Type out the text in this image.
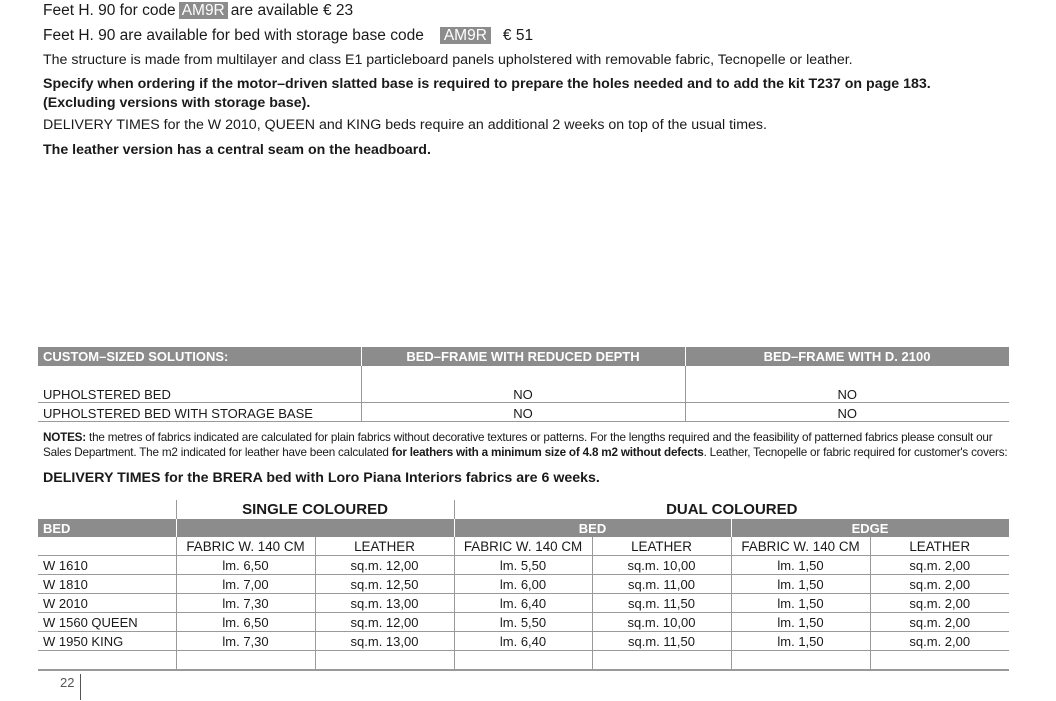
Feet H. 90 for code AM9R are available € 23
Feet H. 90 are available for bed with storage base code AM9R € 51
The structure is made from multilayer and class E1 particleboard panels upholstered with removable fabric, Tecnopelle or leather.
Specify when ordering if the motor–driven slatted base is required to prepare the holes needed and to add the kit T237 on page 183.
(Excluding versions with storage base).
DELIVERY TIMES for the W 2010, QUEEN and KING beds require an additional 2 weeks on top of the usual times.
The leather version has a central seam on the headboard.
CUSTOM–SIZED SOLUTIONS:	BED–FRAME WITH REDUCED DEPTH	BED–FRAME WITH D. 2100

UPHOLSTERED BED	NO	NO
UPHOLSTERED BED WITH STORAGE BASE	NO	NO
NOTES: the metres of fabrics indicated are calculated for plain fabrics without decorative textures or patterns. For the lengths required and the feasibility of patterned fabrics please consult our Sales Department. The m2 indicated for leather have been calculated for leathers with a minimum size of 4.8 m2 without defects. Leather, Tecnopelle or fabric required for customer's covers:
DELIVERY TIMES for the BRERA bed with Loro Piana Interiors fabrics are 6 weeks.
	SINGLE COLOURED		DUAL COLOURED			
BED			BED		EDGE	
	FABRIC W. 140 CM	LEATHER	FABRIC W. 140 CM	LEATHER	FABRIC W. 140 CM	LEATHER
W 1610	lm. 6,50	sq.m. 12,00	lm. 5,50	sq.m. 10,00	lm. 1,50	sq.m. 2,00
W 1810	lm. 7,00	sq.m. 12,50	lm. 6,00	sq.m. 11,00	lm. 1,50	sq.m. 2,00
W 2010	lm. 7,30	sq.m. 13,00	lm. 6,40	sq.m. 11,50	lm. 1,50	sq.m. 2,00
W 1560 QUEEN	lm. 6,50	sq.m. 12,00	lm. 5,50	sq.m. 10,00	lm. 1,50	sq.m. 2,00
W 1950 KING	lm. 7,30	sq.m. 13,00	lm. 6,40	sq.m. 11,50	lm. 1,50	sq.m. 2,00

22
